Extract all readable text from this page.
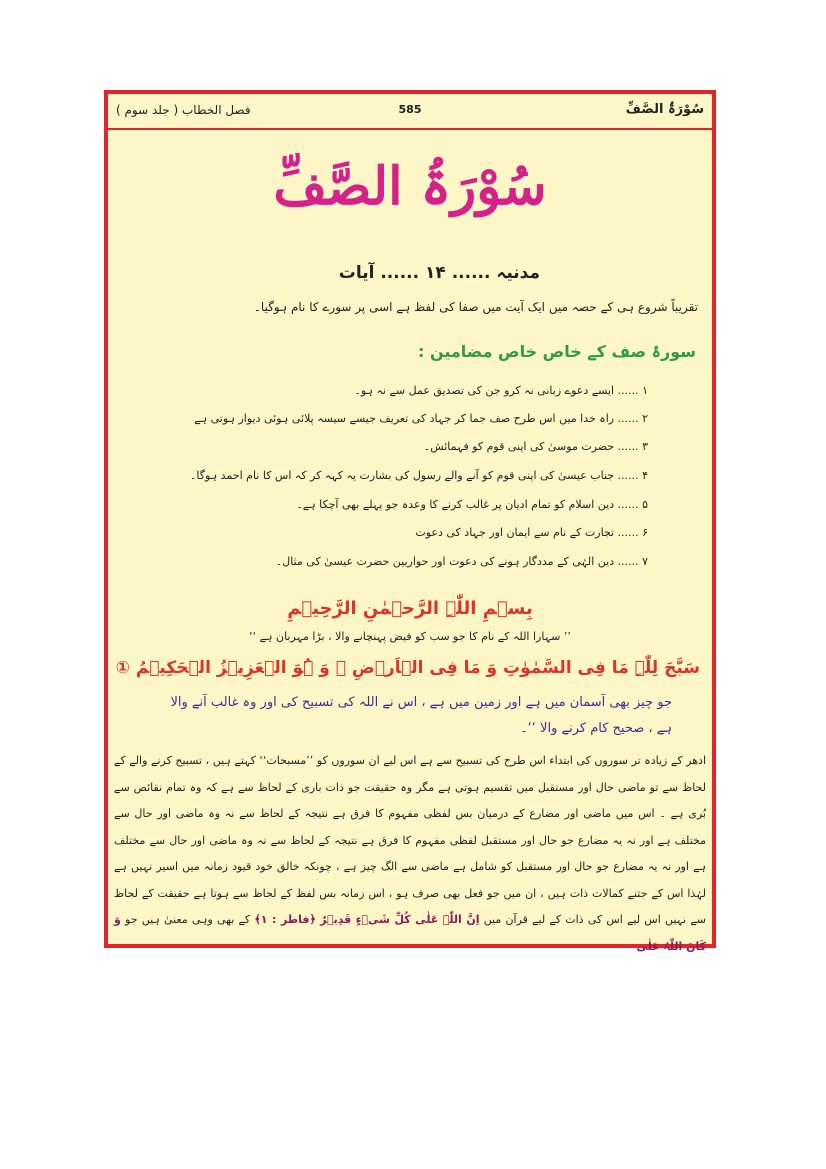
سُوْرَۃُ الصَّفِّ
585
فصل الخطاب ( جلد سوم )
سُوْرَۃُ الصَّفِّ
مدنیہ ...... ۱۴ ...... آیات
تقریباً شروع ہی کے حصہ میں ایک آیت میں صفا کی لفظ ہے اسی پر سورے کا نام ہوگیا۔
سورۂ صف کے خاص خاص مضامین :
۱ ...... ایسے دعوے زبانی نہ کرو جن کی تصدیق عمل سے نہ ہو۔
۲ ...... راہ خدا میں اس طرح صف جما کر جہاد کی تعریف جیسے سیسہ پلائی ہوئی دیوار ہوتی ہے
۳ ...... حضرت موسیٰ کی اپنی قوم کو فہمائش۔
۴ ...... جناب عیسیٰ کی اپنی قوم کو آنے والے رسول کی بشارت یہ کہہ کر کہ اس کا نام احمد ہوگا۔
۵ ...... دین اسلام کو تمام ادیان پر غالب کرنے کا وعدہ جو پہلے بھی آچکا ہے۔
۶ ...... تجارت کے نام سے ایمان اور جہاد کی دعوت
۷ ...... دین الہٰی کے مددگار ہونے کی دعوت اور حواریین حضرت عیسیٰ کی مثال۔
بِسۡمِ اللّٰہِ الرَّحۡمٰنِ الرَّحِیۡمِ
’’ سہارا اللہ کے نام کا جو سب کو فیض پہنچانے والا ، بڑا مہربان ہے ‘‘
سَبَّحَ لِلّٰہِ مَا فِی السَّمٰوٰتِ وَ مَا فِی الۡاَرۡضِ ۚ وَ ہُوَ الۡعَزِیۡزُ الۡحَکِیۡمُ ①
جو چیز بھی آسمان میں ہے اور زمین میں ہے ، اس نے اللہ کی تسبیح کی اور وہ غالب آنے والا ہے ، صحیح کام کرنے والا ‘‘۔
ادھر کے زیادہ تر سوروں کی ابتداء اس طرح کی تسبیح سے ہے اس لیے ان سوروں کو ’’مسبحات‘‘ کہتے ہیں ، تسبیح کرنے والے کے لحاظ سے تو ماضی حال اور مستقبل میں تقسیم ہوتی ہے مگر وہ حقیقت جو ذات باری کے لحاظ سے ہے کہ وہ تمام نقائص سے بُری ہے ۔ اس میں ماضی اور مضارع کے درمیان بس لفظی مفہوم کا فرق ہے نتیجہ کے لحاظ سے نہ وہ ماضی اور حال سے مختلف ہے اور نہ یہ مضارع جو حال اور مستقبل لفظی مفہوم کا فرق ہے نتیجہ کے لحاظ سے نہ وہ ماضی اور حال سے مختلف ہے اور نہ یہ مضارع جو حال اور مستقبل کو شامل ہے ماضی سے الگ چیز ہے ، چونکہ خالق خود قیود زمانہ میں اسیر نہیں ہے لہٰذا اس کے جتنے کمالات ذات ہیں ، ان میں جو فعل بھی صرف ہو ، اس زمانہ بس لفظ کے لحاظ سے ہوتا ہے حقیقت کے لحاظ سے نہیں اس لیے اس کی ذات کے لیے قرآن میں اِنَّ اللّٰہَ عَلٰی کُلِّ شَیۡءٍ قَدِیۡرٌ ﴿فاطر : ۱﴾ کے بھی وہی معنیٰ ہیں جو وَ کَانَ اللّٰہُ عَلٰی
